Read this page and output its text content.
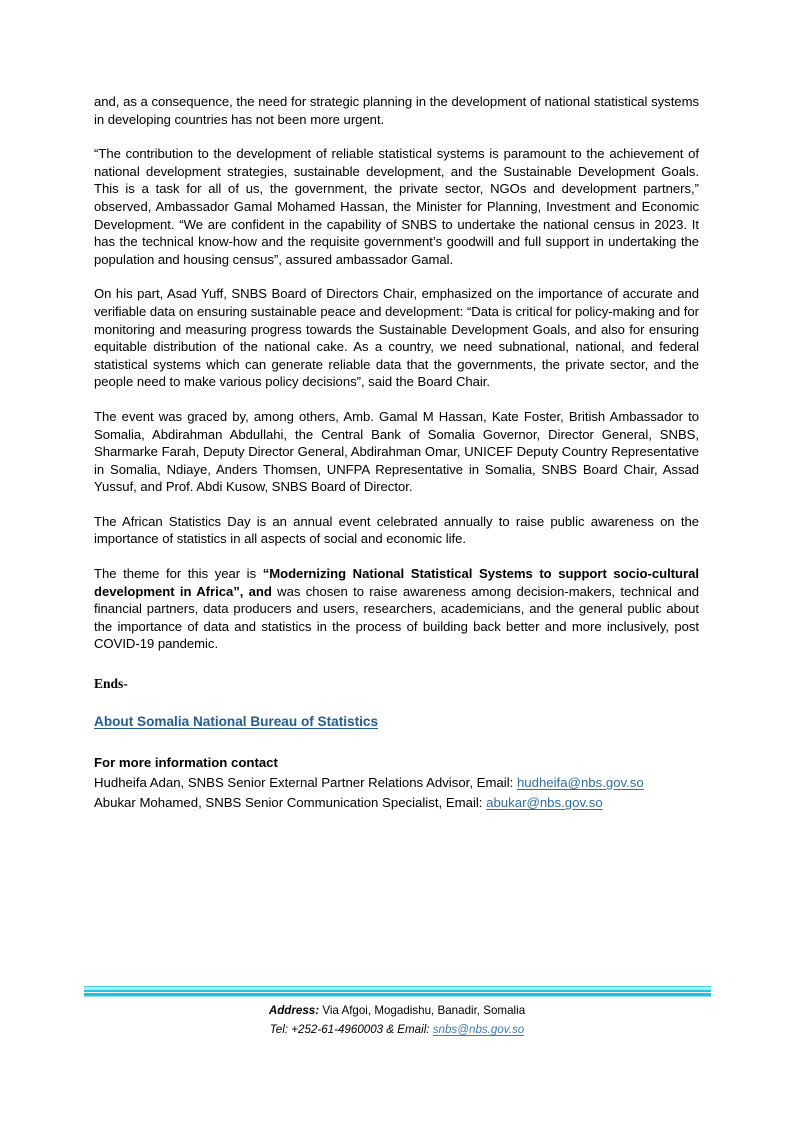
and, as a consequence, the need for strategic planning in the development of national statistical systems in developing countries has not been more urgent.

“The contribution to the development of reliable statistical systems is paramount to the achievement of national development strategies, sustainable development, and the Sustainable Development Goals. This is a task for all of us, the government, the private sector, NGOs and development partners,” observed, Ambassador Gamal Mohamed Hassan, the Minister for Planning, Investment and Economic Development. “We are confident in the capability of SNBS to undertake the national census in 2023. It has the technical know-how and the requisite government’s goodwill and full support in undertaking the population and housing census”, assured ambassador Gamal.

On his part, Asad Yuff, SNBS Board of Directors Chair, emphasized on the importance of accurate and verifiable data on ensuring sustainable peace and development: “Data is critical for policy-making and for monitoring and measuring progress towards the Sustainable Development Goals, and also for ensuring equitable distribution of the national cake. As a country, we need subnational, national, and federal statistical systems which can generate reliable data that the governments, the private sector, and the people need to make various policy decisions”, said the Board Chair.

The event was graced by, among others, Amb. Gamal M Hassan, Kate Foster, British Ambassador to Somalia, Abdirahman Abdullahi, the Central Bank of Somalia Governor, Director General, SNBS, Sharmarke Farah, Deputy Director General, Abdirahman Omar, UNICEF Deputy Country Representative in Somalia, Ndiaye, Anders Thomsen, UNFPA Representative in Somalia, SNBS Board Chair, Assad Yussuf, and Prof. Abdi Kusow, SNBS Board of Director.

The African Statistics Day is an annual event celebrated annually to raise public awareness on the importance of statistics in all aspects of social and economic life.

The theme for this year is “Modernizing National Statistical Systems to support socio-cultural development in Africa”, and was chosen to raise awareness among decision-makers, technical and financial partners, data producers and users, researchers, academicians, and the general public about the importance of data and statistics in the process of building back better and more inclusively, post COVID-19 pandemic.

Ends-

About Somalia National Bureau of Statistics
For more information contact
Hudheifa Adan, SNBS Senior External Partner Relations Advisor, Email: hudheifa@nbs.gov.so
Abukar Mohamed, SNBS Senior Communication Specialist, Email: abukar@nbs.gov.so
Address: Via Afgoi, Mogadishu, Banadir, Somalia
Tel: +252-61-4960003 & Email: snbs@nbs.gov.so
